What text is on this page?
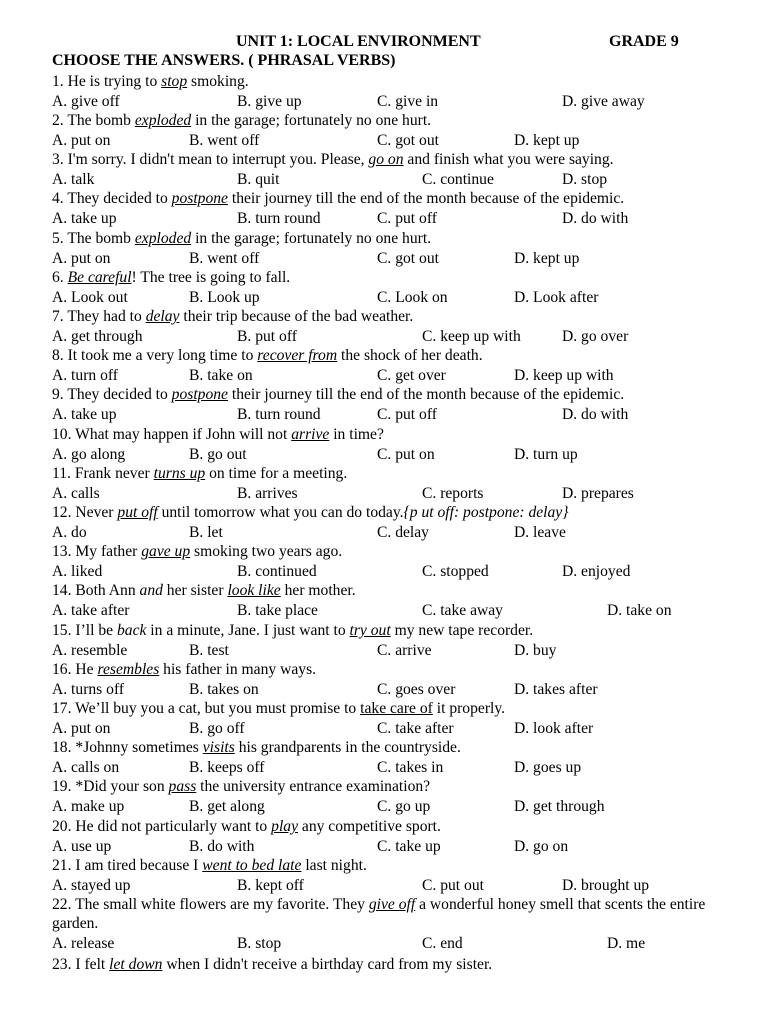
UNIT 1: LOCAL ENVIRONMENT	GRADE 9
CHOOSE THE ANSWERS. ( PHRASAL VERBS)
1. He is trying to stop smoking.
A. give off	B. give up	C. give in	D. give away
2. The bomb exploded in the garage; fortunately no one hurt.
A. put on	B. went off	C. got out	D. kept up
3. I'm sorry. I didn't mean to interrupt you. Please, go on and finish what you were saying.
A. talk	B. quit	C. continue	D. stop
4. They decided to postpone their journey till the end of the month because of the epidemic.
A. take up	B. turn round	C. put off	D. do with
5. The bomb exploded in the garage; fortunately no one hurt.
A. put on	B. went off	C. got out	D. kept up
6. Be careful! The tree is going to fall.
A. Look out	B. Look up	C. Look on	D. Look after
7. They had to delay their trip because of the bad weather.
A. get through	B. put off	C. keep up with	D. go over
8. It took me a very long time to recover from the shock of her death.
A. turn off	B. take on	C. get over	D. keep up with
9. They decided to postpone their journey till the end of the month because of the epidemic.
A. take up	B. turn round	C. put off	D. do with
10. What may happen if John will not arrive in time?
A. go along	B. go out	C. put on	D. turn up
11. Frank never turns up on time for a meeting.
A. calls	B. arrives	C. reports	D. prepares
12. Never put off until tomorrow what you can do today.{p ut off: postpone: delay}
A. do	B. let	C. delay	D. leave
13. My father gave up smoking two years ago.
A. liked	B. continued	C. stopped	D. enjoyed
14. Both Ann and her sister look like her mother.
A. take after	B. take place	C. take away	D. take on
15. I’ll be back in a minute, Jane. I just want to try out my new tape recorder.
A. resemble	B. test	C. arrive	D. buy
16. He resembles his father in many ways.
A. turns off	B. takes on	C. goes over	D. takes after
17. We’ll buy you a cat, but you must promise to take care of it properly.
A. put on	B. go off	C. take after	D. look after
18. *Johnny sometimes visits his grandparents in the countryside.
A. calls on	B. keeps off	C. takes in	D. goes up
19. *Did your son pass the university entrance examination?
A. make up	B. get along	C. go up	D. get through
20. He did not particularly want to play any competitive sport.
A. use up	B. do with	C. take up	D. go on
21. I am tired because I went to bed late last night.
A. stayed up	B. kept off	C. put out	D. brought up
22. The small white flowers are my favorite. They give off a wonderful honey smell that scents the entire garden.
A. release	B. stop	C. end	D. me
23. I felt let down when I didn't receive a birthday card from my sister.
